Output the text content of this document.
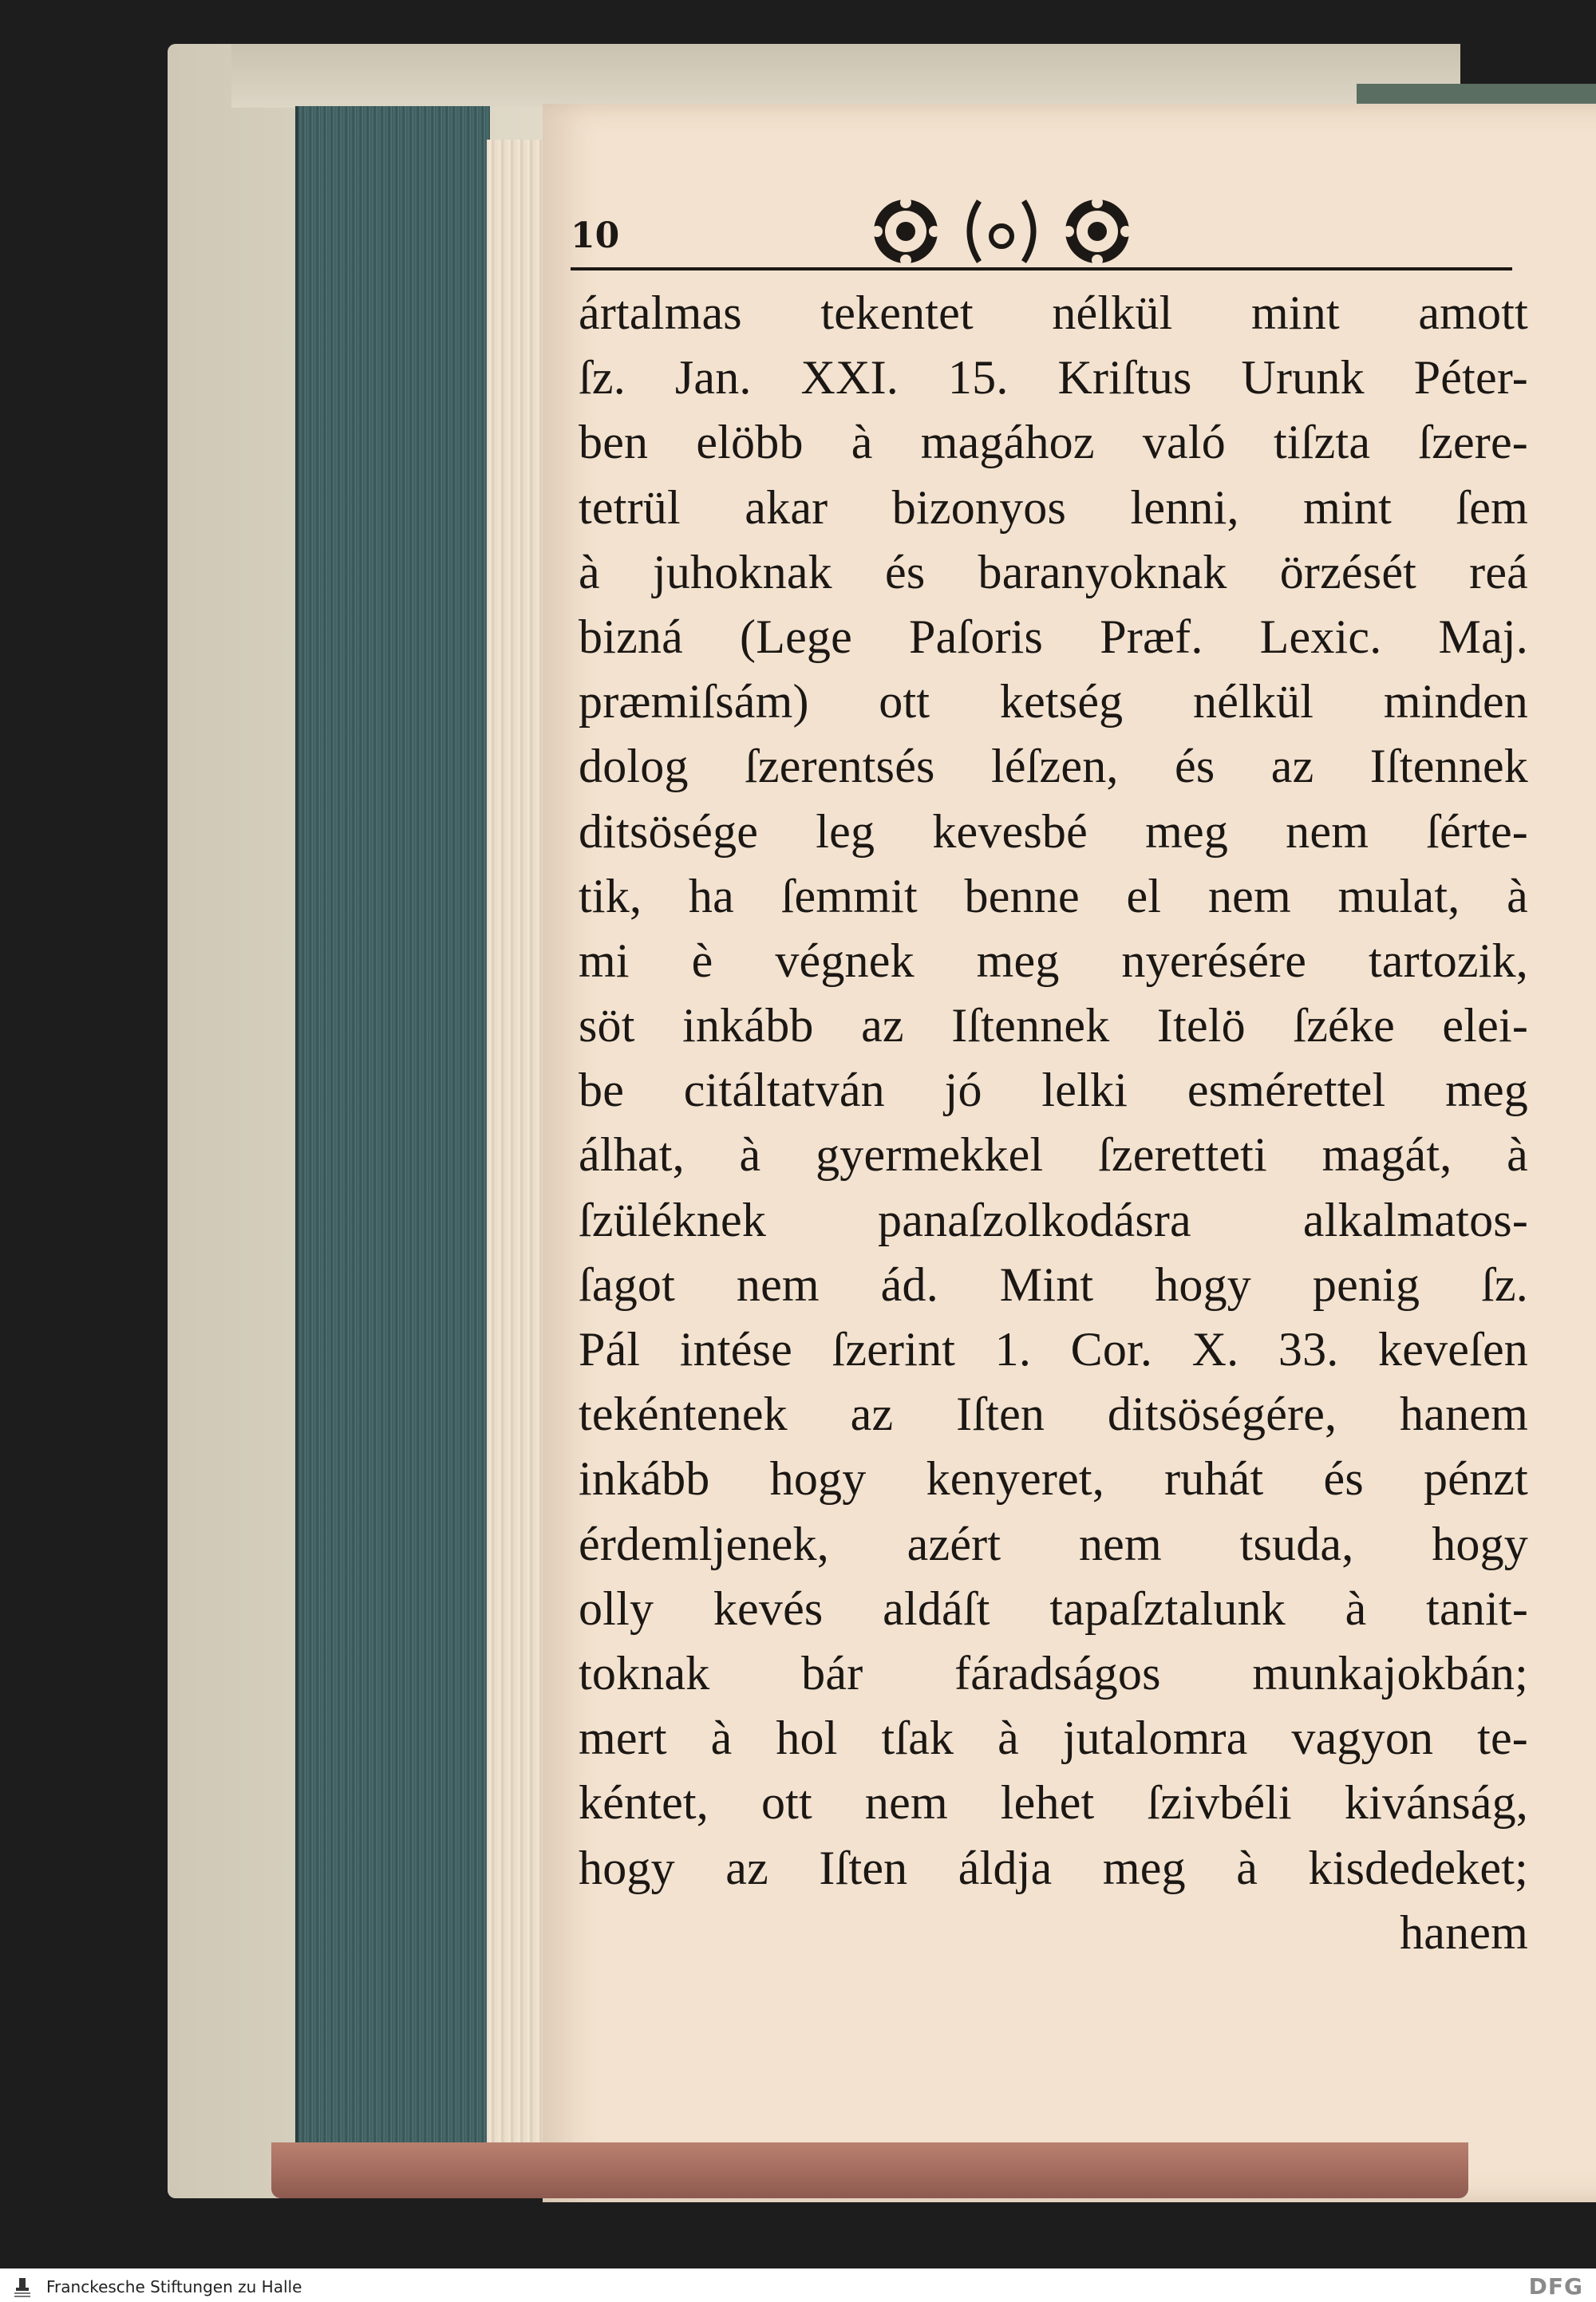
10
ártalmas tekentet nélkül mint amott
ſz. Jan. XXI. 15. Kriſtus Urunk Péter-
ben elöbb à magához való tiſzta ſzere-
tetrül akar bizonyos lenni, mint ſem
à juhoknak és baranyoknak örzését reá
bizná (Lege Paſoris Præf. Lexic. Maj.
præmiſsám) ott ketség nélkül minden
dolog ſzerentsés léſzen, és az Iſtennek
ditsösége leg kevesbé meg nem ſérte-
tik, ha ſemmit benne el nem mulat, à
mi è végnek meg nyerésére tartozik,
söt inkább az Iſtennek Itelö ſzéke elei-
be citáltatván jó lelki esmérettel meg
álhat, à gyermekkel ſzeretteti magát, à
ſzüléknek panaſzolkodásra alkalmatos-
ſagot nem ád. Mint hogy penig ſz.
Pál intése ſzerint 1. Cor. X. 33. keveſen
tekéntenek az Iſten ditsöségére, hanem
inkább hogy kenyeret, ruhát és pénzt
érdemljenek, azért nem tsuda, hogy
olly kevés aldáſt tapaſztalunk à tanit-
toknak bár fáradságos munkajokbán;
mert à hol tſak à jutalomra vagyon te-
kéntet, ott nem lehet ſzivbéli kivánság,
hogy az Iſten áldja meg à kisdedeket;
hanem
Franckesche Stiftungen zu Halle	DFG
